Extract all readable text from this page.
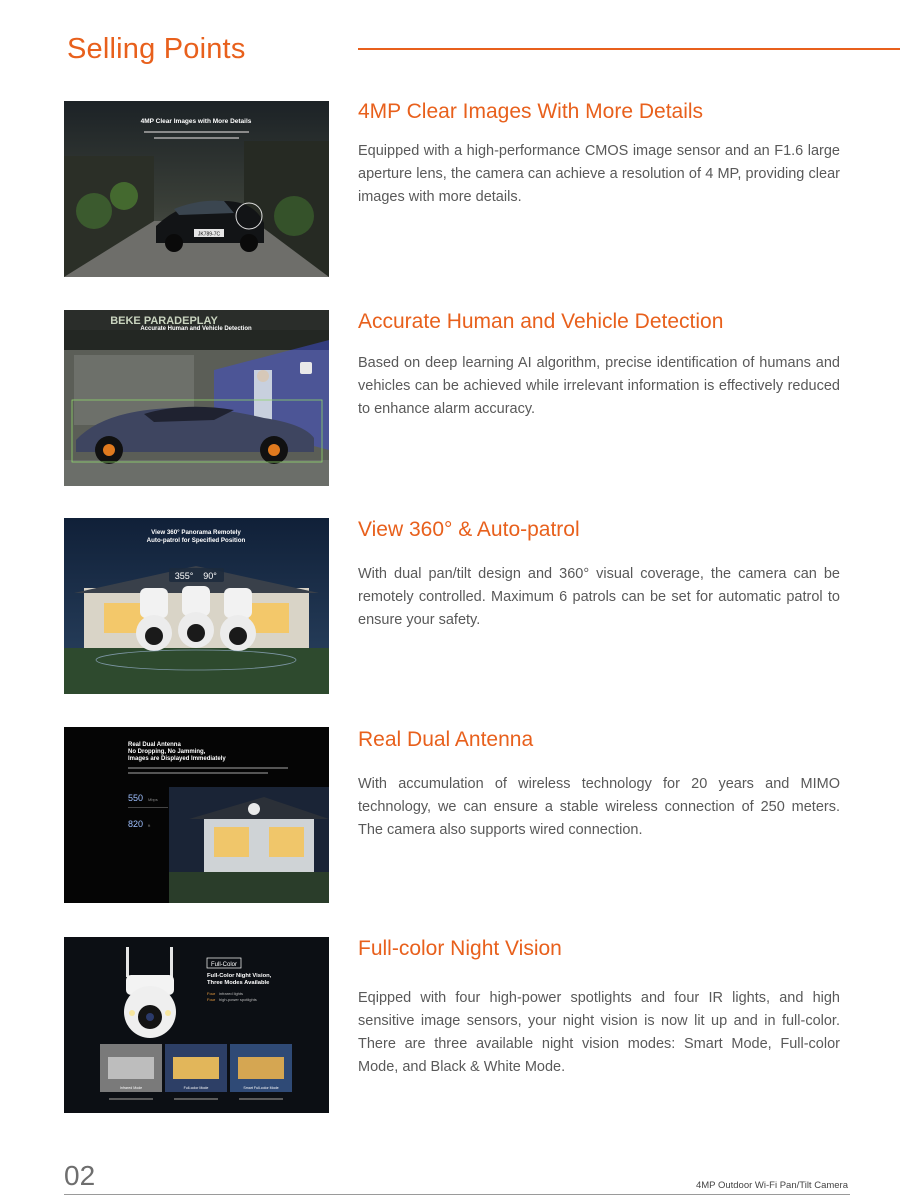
Selling Points
JK789-7C
4MP Clear Images with More Details	4MP Clear Images With More Details

Equipped with a high-performance CMOS image sensor and an F1.6 large aperture lens, the camera can achieve a resolution of 4 MP, providing clear images with more details.

BEKE PARADEPLAY
Accurate Human and Vehicle Detection	Accurate Human and Vehicle Detection

Based on deep learning AI algorithm, precise identification of humans and vehicles can be achieved while irrelevant information is effectively reduced to enhance alarm accuracy.

View 360° Panorama Remotely
Auto-patrol for Specified Position
355° 90°
View 360° & Auto-patrol

With dual pan/tilt design and 360° visual coverage, the camera can be remotely controlled. Maximum 6 patrols can be set for automatic patrol to ensure your safety.

Real Dual Antenna
No Dropping, No Jamming,
Images are Displayed Immediately
550 Mbps
820 ft
Real Dual Antenna

With accumulation of wireless technology for 20 years and MIMO technology, we can ensure a stable wireless connection of 250 meters. The camera also supports wired connection.

Full-Color
Full-Color Night Vision,
Three Modes Available
Four infrared lights
Four high-power spotlights
Infrared Mode	Full-color Mode	Smart Full-color Mode
Full-color Night Vision

Eqipped with four high-power spotlights and four IR lights, and high sensitive image sensors, your night vision is now lit up and in full-color. There are three available night vision modes: Smart Mode, Full-color Mode, and Black & White Mode.

02	4MP Outdoor Wi-Fi Pan/Tilt Camera
